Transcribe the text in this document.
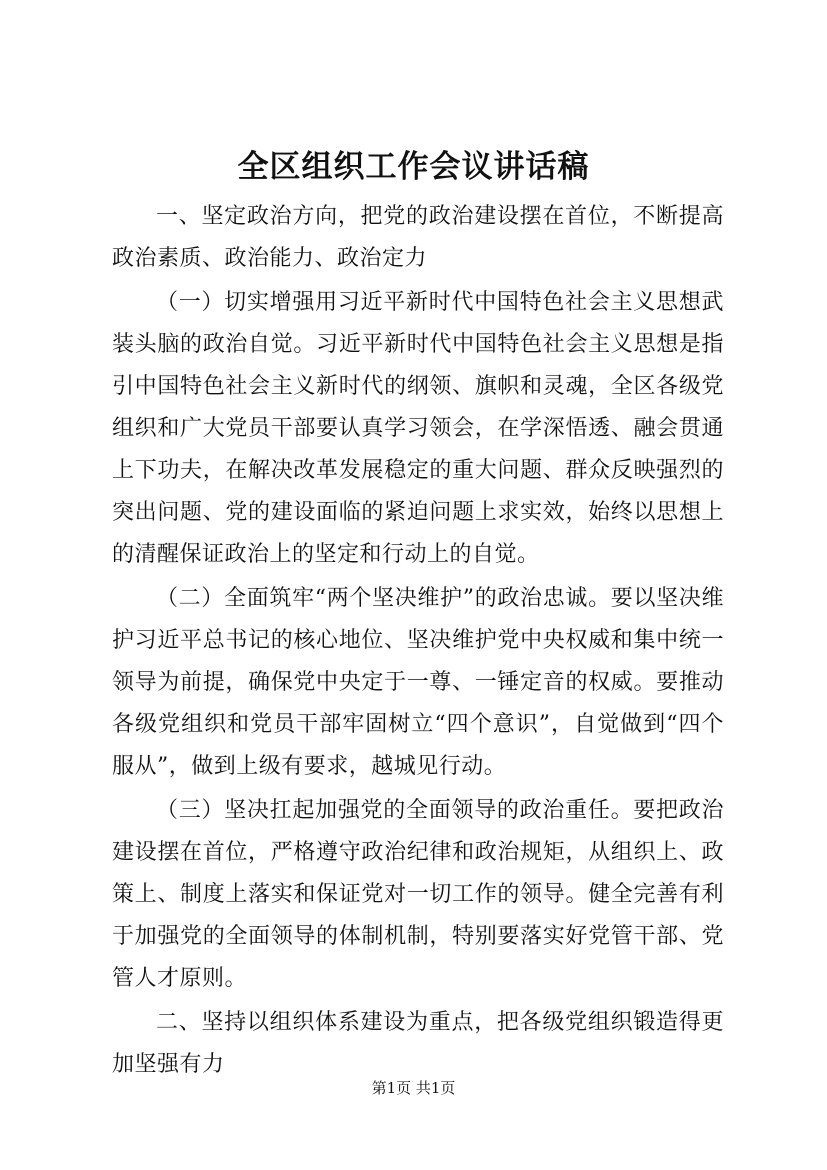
全区组织工作会议讲话稿

一、坚定政治方向，把党的政治建设摆在首位，不断提高政治素质、政治能力、政治定力

（一）切实增强用习近平新时代中国特色社会主义思想武装头脑的政治自觉。习近平新时代中国特色社会主义思想是指引中国特色社会主义新时代的纲领、旗帜和灵魂，全区各级党组织和广大党员干部要认真学习领会，在学深悟透、融会贯通上下功夫，在解决改革发展稳定的重大问题、群众反映强烈的突出问题、党的建设面临的紧迫问题上求实效，始终以思想上的清醒保证政治上的坚定和行动上的自觉。

（二）全面筑牢“两个坚决维护”的政治忠诚。要以坚决维护习近平总书记的核心地位、坚决维护党中央权威和集中统一领导为前提，确保党中央定于一尊、一锤定音的权威。要推动各级党组织和党员干部牢固树立“四个意识”，自觉做到“四个服从”，做到上级有要求，越城见行动。

（三）坚决扛起加强党的全面领导的政治重任。要把政治建设摆在首位，严格遵守政治纪律和政治规矩，从组织上、政策上、制度上落实和保证党对一切工作的领导。健全完善有利于加强党的全面领导的体制机制，特别要落实好党管干部、党管人才原则。

二、坚持以组织体系建设为重点，把各级党组织锻造得更加坚强有力

第1页 共1页
